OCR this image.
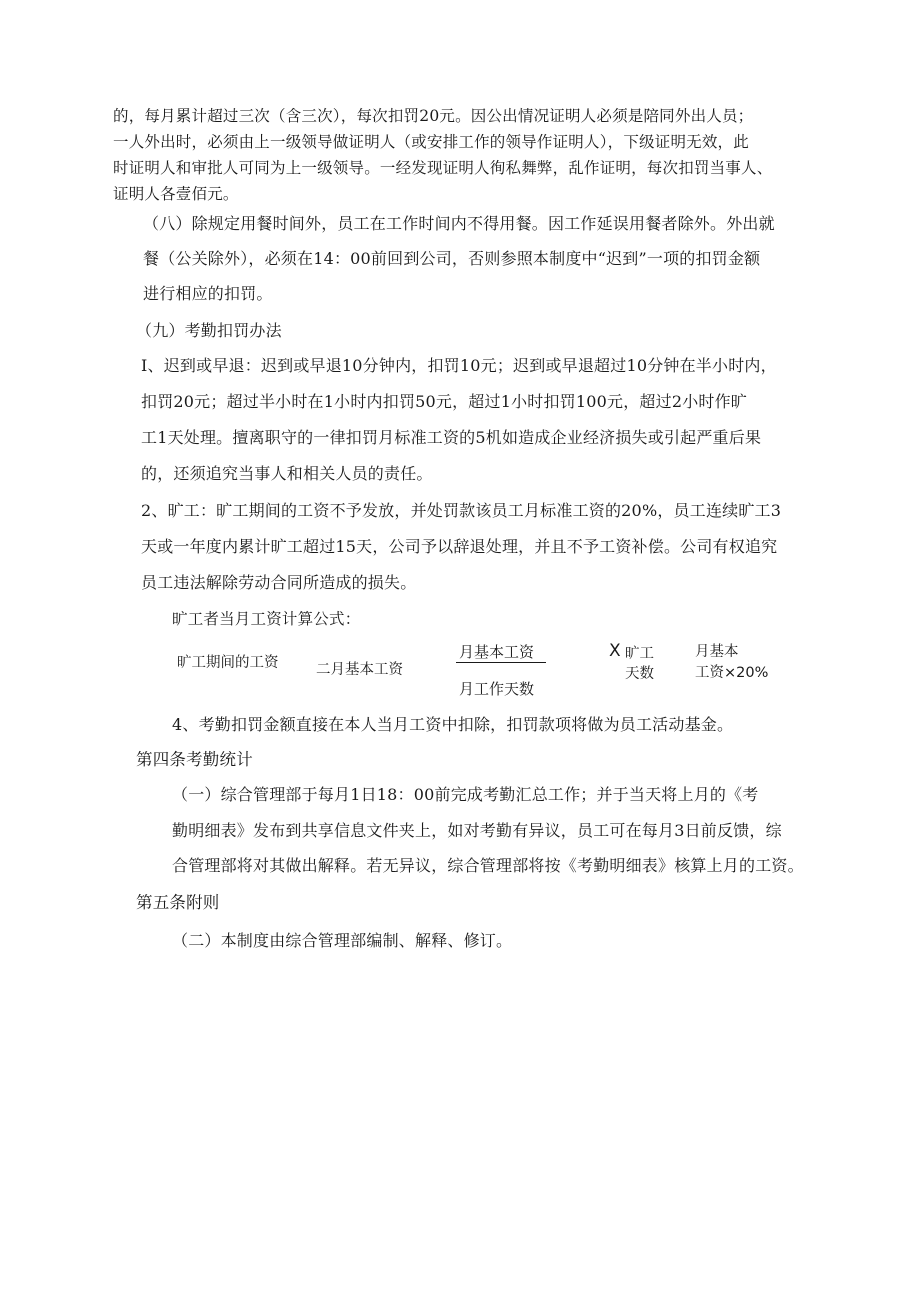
的，每月累计超过三次（含三次），每次扣罚20元。因公出情况证明人必须是陪同外出人员；
一人外出时，必须由上一级领导做证明人（或安排工作的领导作证明人），下级证明无效，此
时证明人和审批人可同为上一级领导。一经发现证明人徇私舞弊，乱作证明，每次扣罚当事人、
证明人各壹佰元。
（八）除规定用餐时间外，员工在工作时间内不得用餐。因工作延误用餐者除外。外出就
餐（公关除外），必须在14：00前回到公司，否则参照本制度中“迟到”一项的扣罚金额
进行相应的扣罚。
（九）考勤扣罚办法
I、迟到或早退：迟到或早退10分钟内，扣罚10元；迟到或早退超过10分钟在半小时内，
扣罚20元；超过半小时在1小时内扣罚50元，超过1小时扣罚100元，超过2小时作旷
工1天处理。擅离职守的一律扣罚月标准工资的5机如造成企业经济损失或引起严重后果
的，还须追究当事人和相关人员的责任。
2、旷工：旷工期间的工资不予发放，并处罚款该员工月标准工资的20%，员工连续旷工3
天或一年度内累计旷工超过15天，公司予以辞退处理，并且不予工资补偿。公司有权追究
员工违法解除劳动合同所造成的损失。
旷工者当月工资计算公式：
旷工期间的工资	二月基本工资
月基本工资
月工作天数
X 旷工
天数
月基本
工资×20%
4、考勤扣罚金额直接在本人当月工资中扣除，扣罚款项将做为员工活动基金。
第四条考勤统计
（一）综合管理部于每月1日18：00前完成考勤汇总工作；并于当天将上月的《考
勤明细表》发布到共享信息文件夹上，如对考勤有异议，员工可在每月3日前反馈，综
合管理部将对其做出解释。若无异议，综合管理部将按《考勤明细表》核算上月的工资。
第五条附则
（二）本制度由综合管理部编制、解释、修订。
